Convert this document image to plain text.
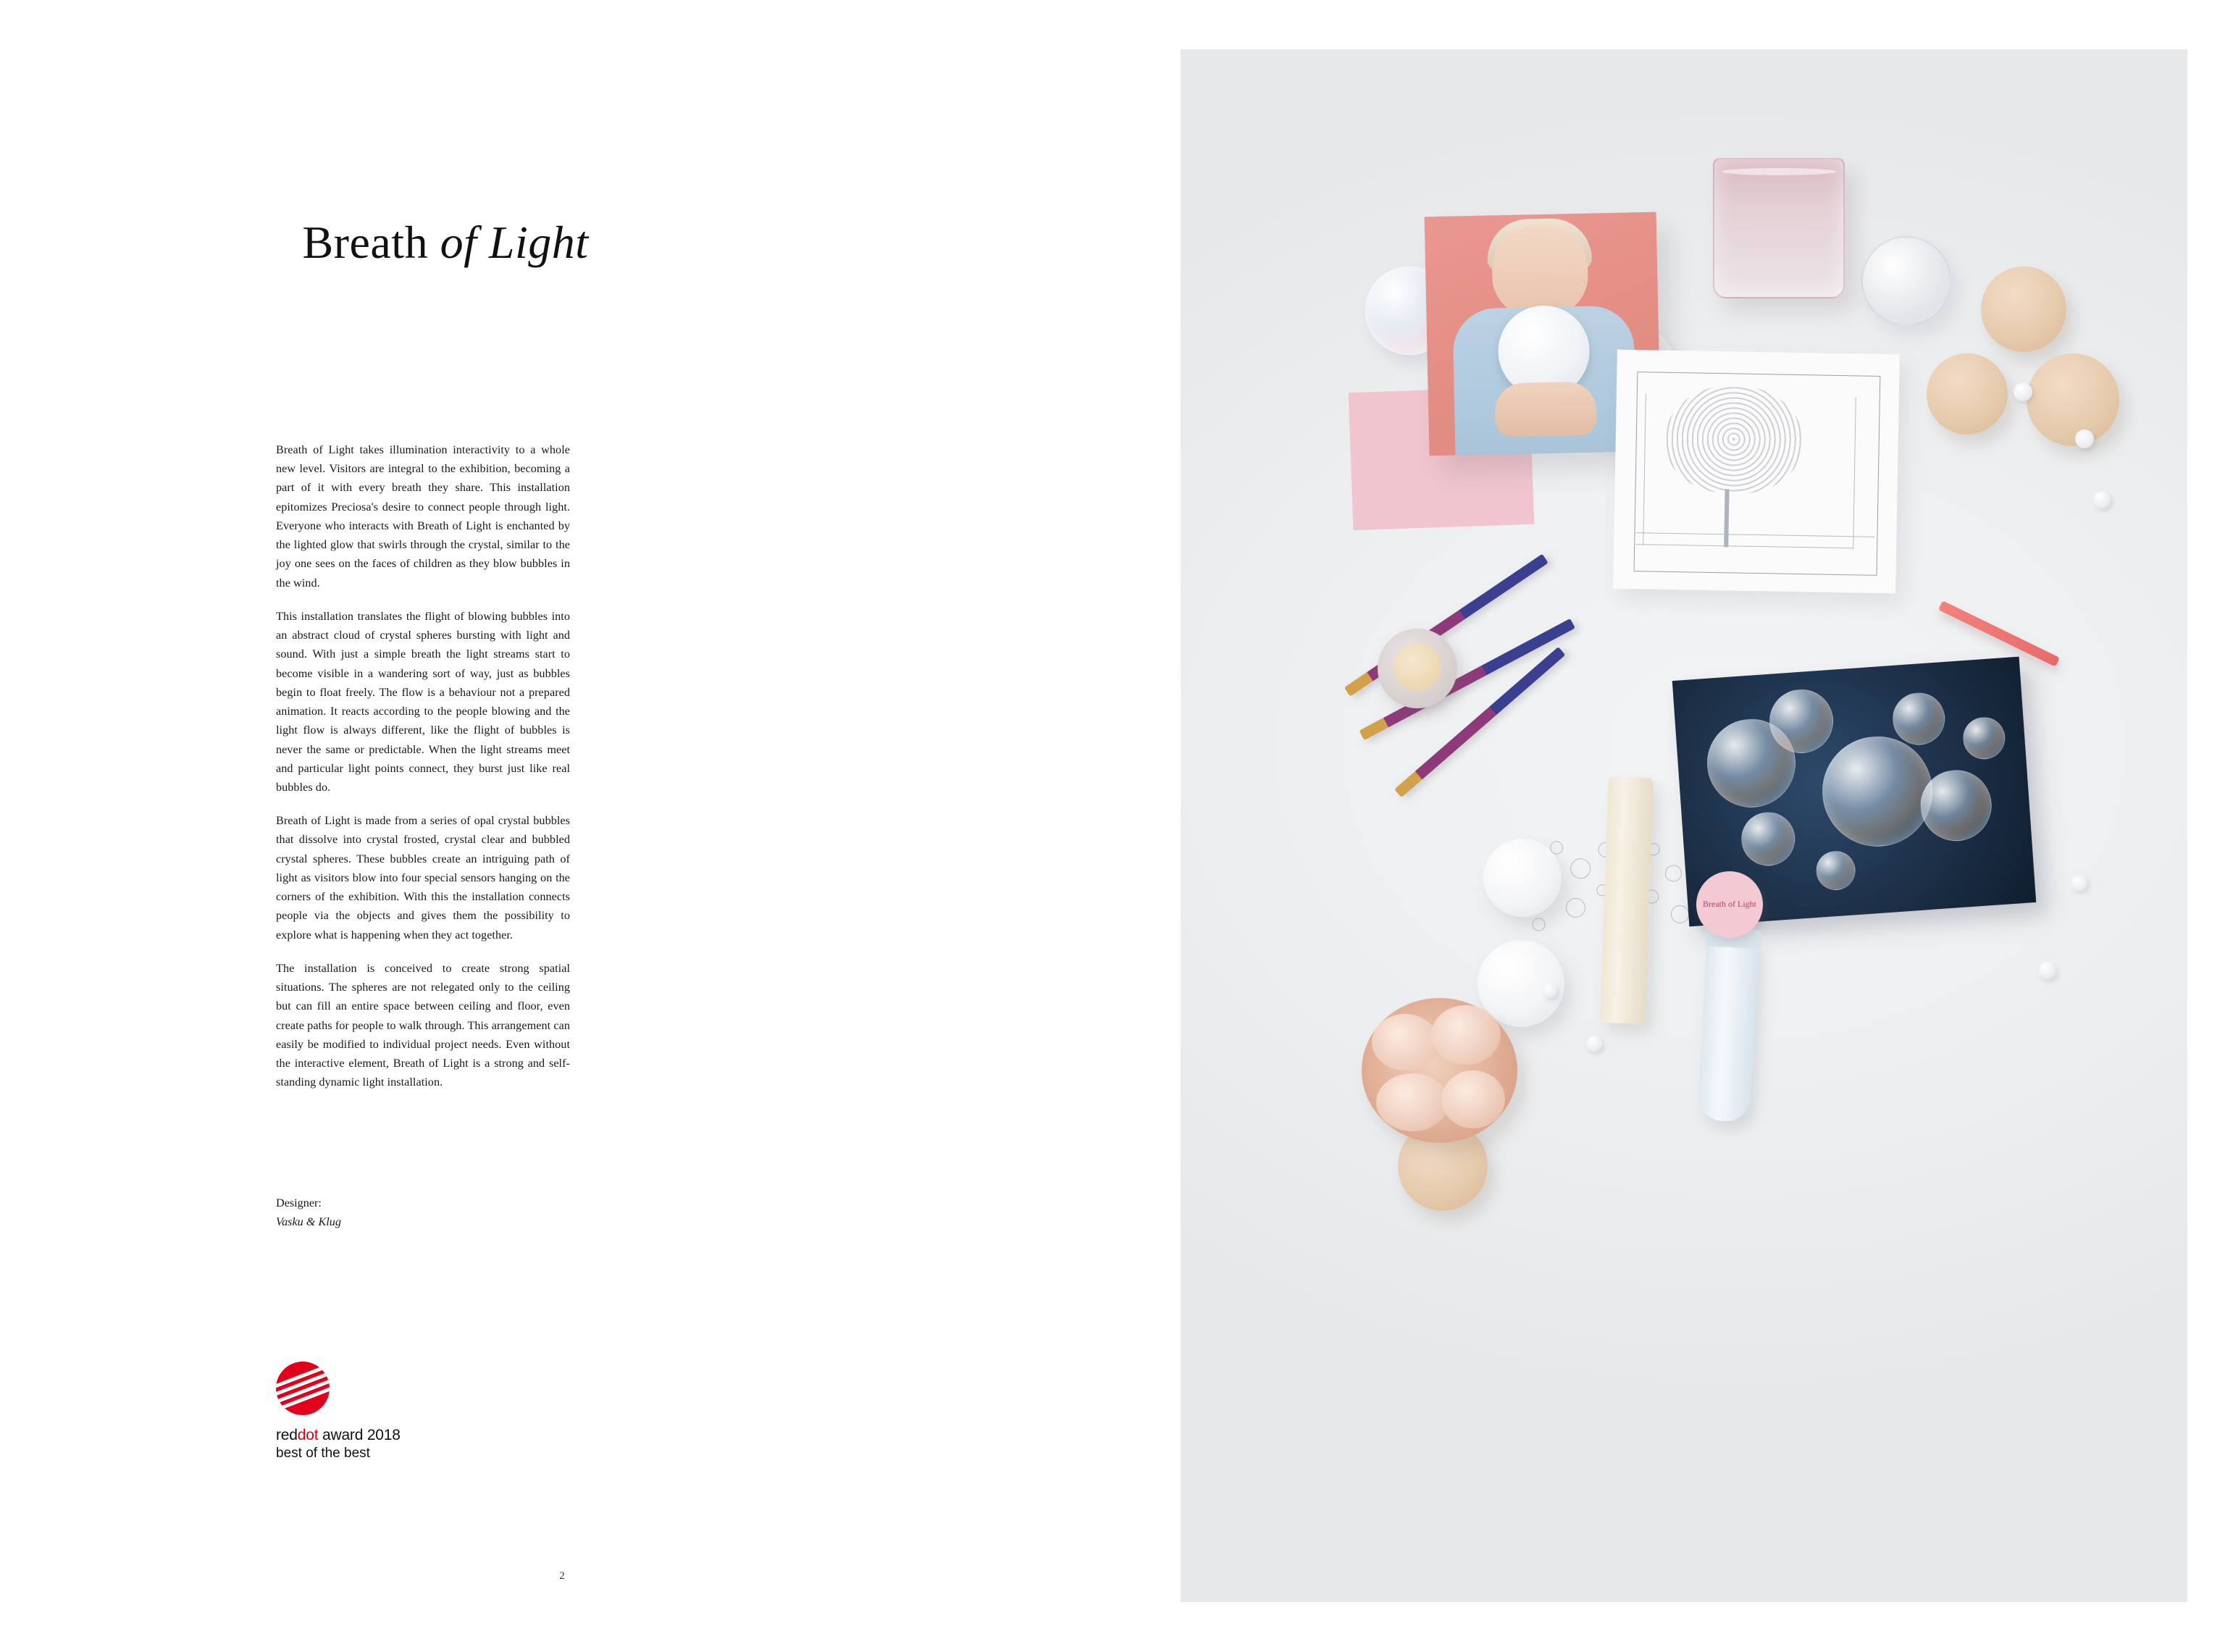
Breath of Light

Breath of Light takes illumination interactivity to a whole new level. Visitors are integral to the exhibition, becoming a part of it with every breath they share. This installation epitomizes Preciosa's desire to connect people through light. Everyone who interacts with Breath of Light is enchanted by the lighted glow that swirls through the crystal, similar to the joy one sees on the faces of children as they blow bubbles in the wind.

This installation translates the flight of blowing bubbles into an abstract cloud of crystal spheres bursting with light and sound. With just a simple breath the light streams start to become visible in a wandering sort of way, just as bubbles begin to float freely. The flow is a behaviour not a prepared animation. It reacts according to the people blowing and the light flow is always different, like the flight of bubbles is never the same or predictable. When the light streams meet and particular light points connect, they burst just like real bubbles do.

Breath of Light is made from a series of opal crystal bubbles that dissolve into crystal frosted, crystal clear and bubbled crystal spheres. These bubbles create an intriguing path of light as visitors blow into four special sensors hanging on the corners of the exhibition. With this the installation connects people via the objects and gives them the possibility to explore what is happening when they act together.

The installation is conceived to create strong spatial situations. The spheres are not relegated only to the ceiling but can fill an entire space between ceiling and floor, even create paths for people to walk through. This arrangement can easily be modified to individual project needs. Even without the interactive element, Breath of Light is a strong and self-standing dynamic light installation.

Designer:
Vasku & Klug
reddot award 2018
best of the best
2
Breath of Light
